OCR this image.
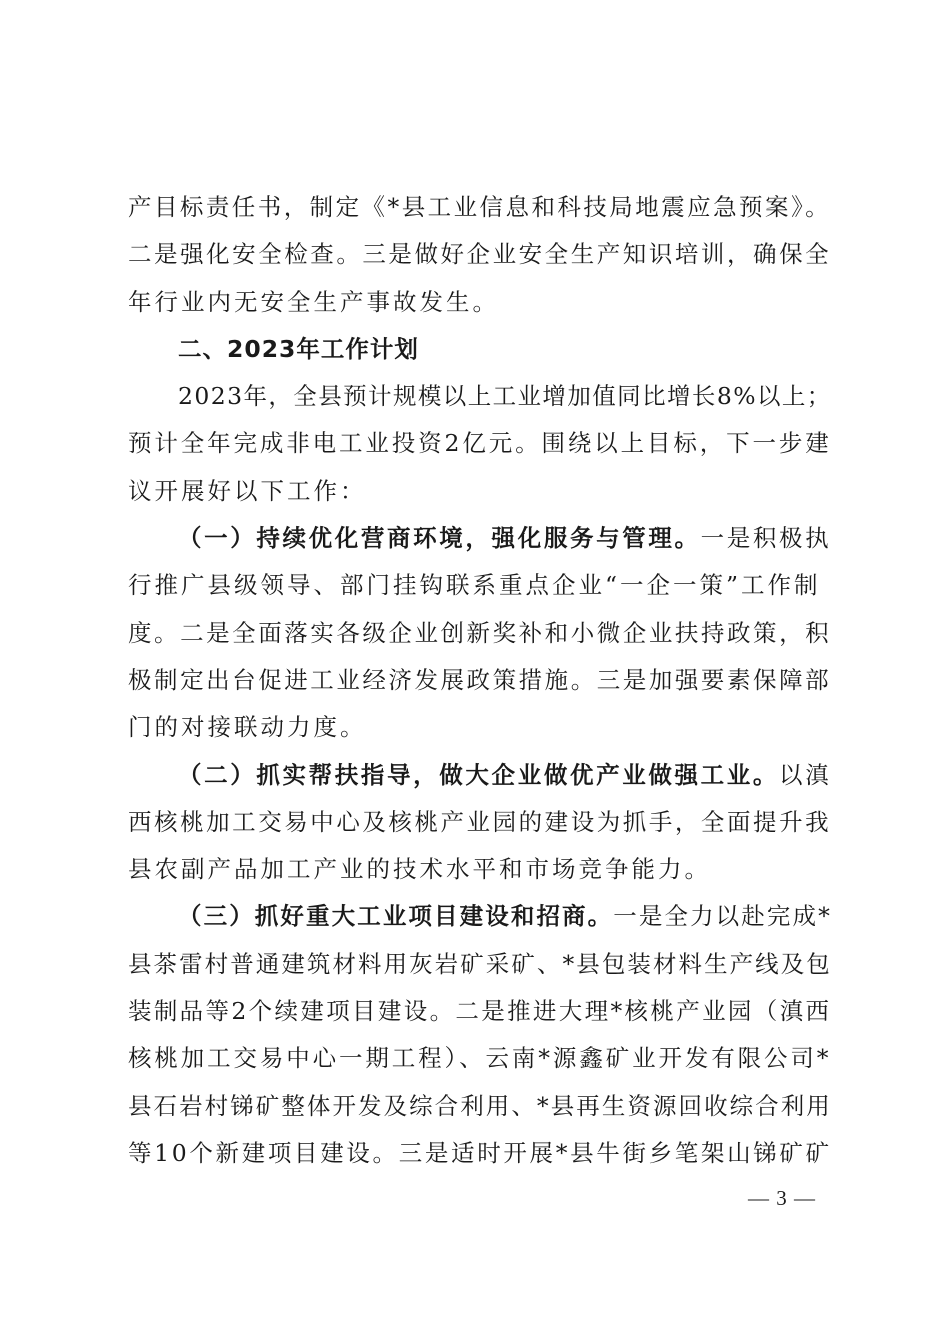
产目标责任书，制定《*县工业信息和科技局地震应急预案》。
二是强化安全检查。三是做好企业安全生产知识培训，确保全
年行业内无安全生产事故发生。
二、2023年工作计划
2023年，全县预计规模以上工业增加值同比增长8%以上；
预计全年完成非电工业投资2亿元。围绕以上目标，下一步建
议开展好以下工作：
（一）持续优化营商环境，强化服务与管理。一是积极执
行推广县级领导、部门挂钩联系重点企业“一企一策”工作制
度。二是全面落实各级企业创新奖补和小微企业扶持政策，积
极制定出台促进工业经济发展政策措施。三是加强要素保障部
门的对接联动力度。
（二）抓实帮扶指导，做大企业做优产业做强工业。以滇
西核桃加工交易中心及核桃产业园的建设为抓手，全面提升我
县农副产品加工产业的技术水平和市场竞争能力。
（三）抓好重大工业项目建设和招商。一是全力以赴完成*
县茶雷村普通建筑材料用灰岩矿采矿、*县包装材料生产线及包
装制品等2个续建项目建设。二是推进大理*核桃产业园（滇西
核桃加工交易中心一期工程）、云南*源鑫矿业开发有限公司*
县石岩村锑矿整体开发及综合利用、*县再生资源回收综合利用
等10个新建项目建设。三是适时开展*县牛街乡笔架山锑矿矿
— 3 —
